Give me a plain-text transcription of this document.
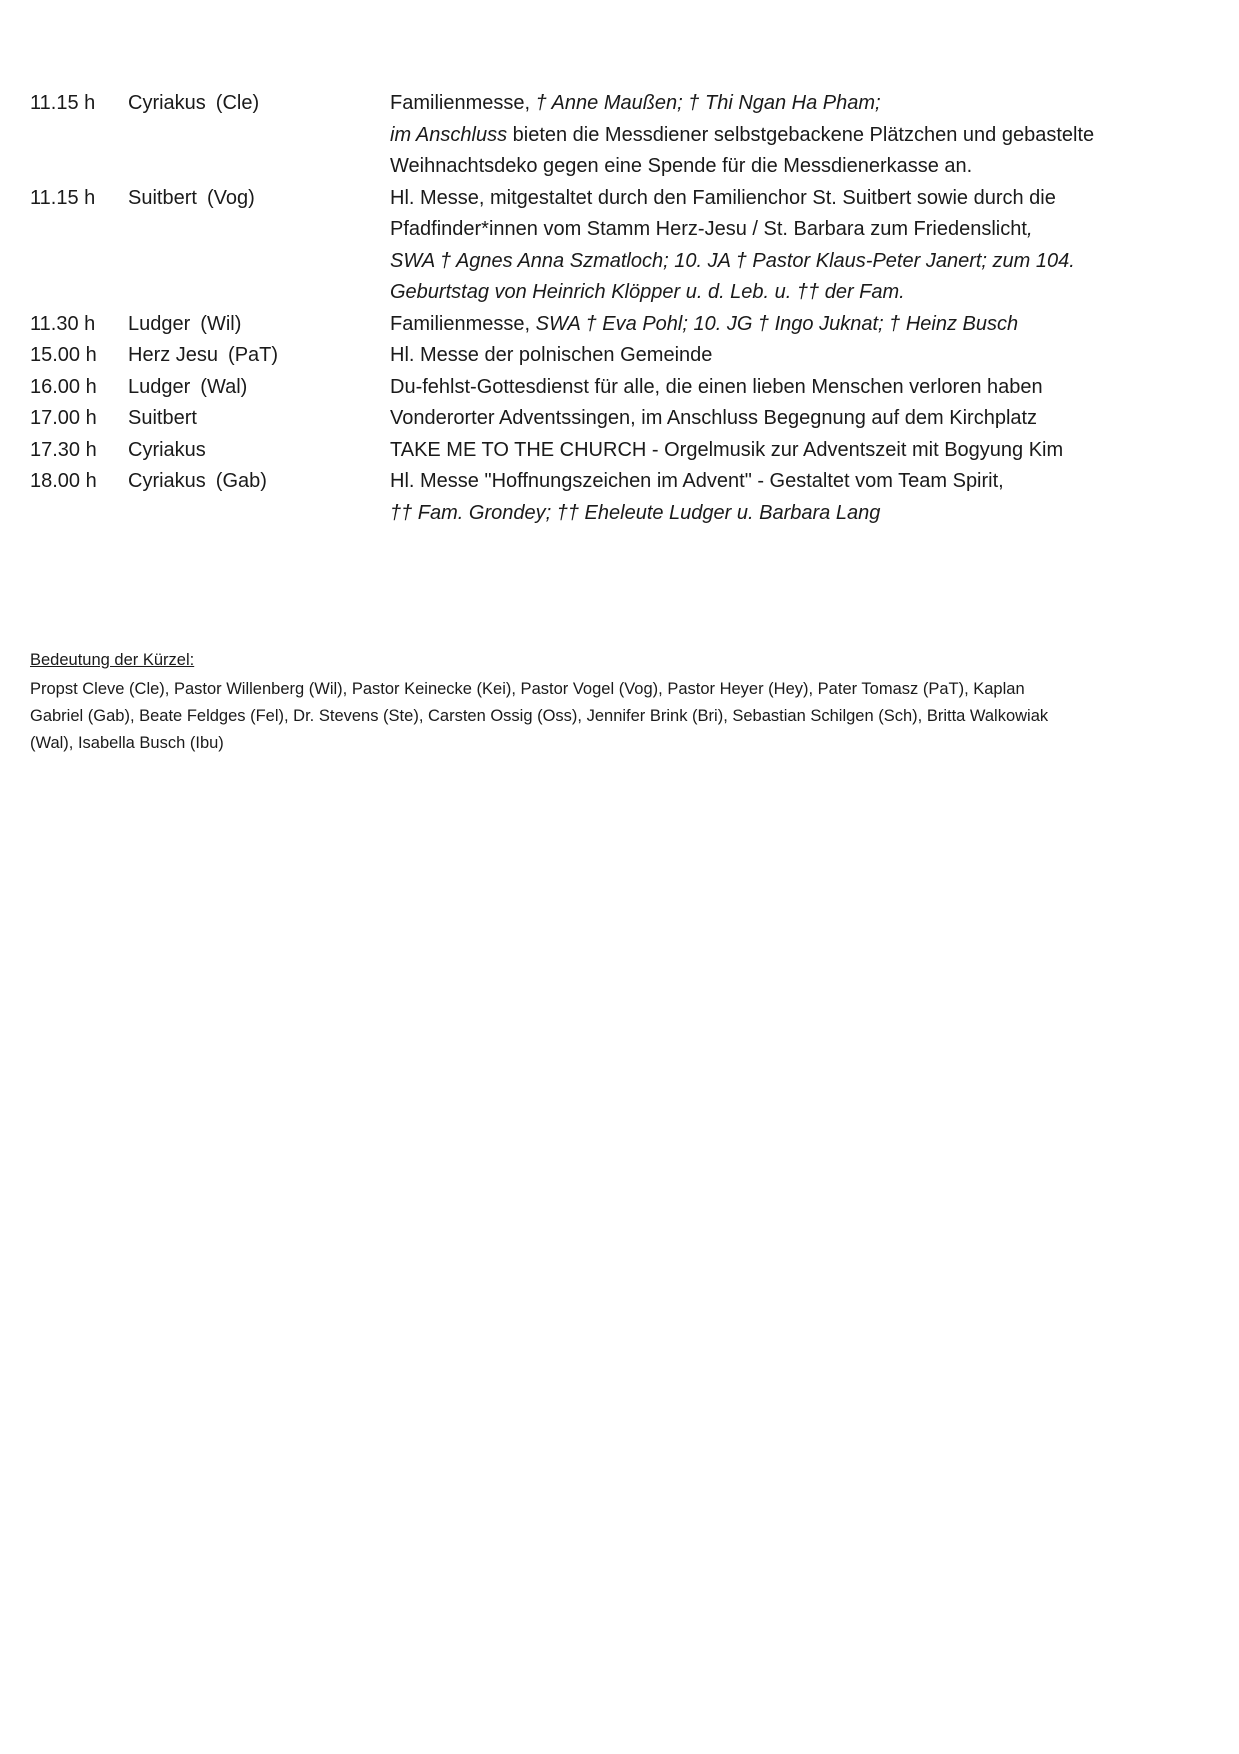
11.15 h Cyriakus (Cle)	Familienmesse, † Anne Maußen; † Thi Ngan Ha Pham;
im Anschluss bieten die Messdiener selbstgebackene Plätzchen und gebastelte
Weihnachtsdeko gegen eine Spende für die Messdienerkasse an.
11.15 h Suitbert (Vog)	Hl. Messe, mitgestaltet durch den Familienchor St. Suitbert sowie durch die
Pfadfinder*innen vom Stamm Herz-Jesu / St. Barbara zum Friedenslicht,
SWA † Agnes Anna Szmatloch; 10. JA † Pastor Klaus-Peter Janert; zum 104.
Geburtstag von Heinrich Klöpper u. d. Leb. u. †† der Fam.
11.30 h Ludger (Wil)	Familienmesse, SWA † Eva Pohl; 10. JG † Ingo Juknat; † Heinz Busch
15.00 h Herz Jesu (PaT)	Hl. Messe der polnischen Gemeinde
16.00 h Ludger (Wal)	Du-fehlst-Gottesdienst für alle, die einen lieben Menschen verloren haben
17.00 h Suitbert	Vonderorter Adventssingen, im Anschluss Begegnung auf dem Kirchplatz
17.30 h Cyriakus	TAKE ME TO THE CHURCH - Orgelmusik zur Adventszeit mit Bogyung Kim
18.00 h Cyriakus (Gab)	Hl. Messe "Hoffnungszeichen im Advent" - Gestaltet vom Team Spirit,
†† Fam. Grondey; †† Eheleute Ludger u. Barbara Lang
Bedeutung der Kürzel:
Propst Cleve (Cle), Pastor Willenberg (Wil), Pastor Keinecke (Kei), Pastor Vogel (Vog), Pastor Heyer (Hey), Pater Tomasz (PaT), Kaplan
Gabriel (Gab), Beate Feldges (Fel), Dr. Stevens (Ste), Carsten Ossig (Oss), Jennifer Brink (Bri), Sebastian Schilgen (Sch), Britta Walkowiak
(Wal), Isabella Busch (Ibu)
